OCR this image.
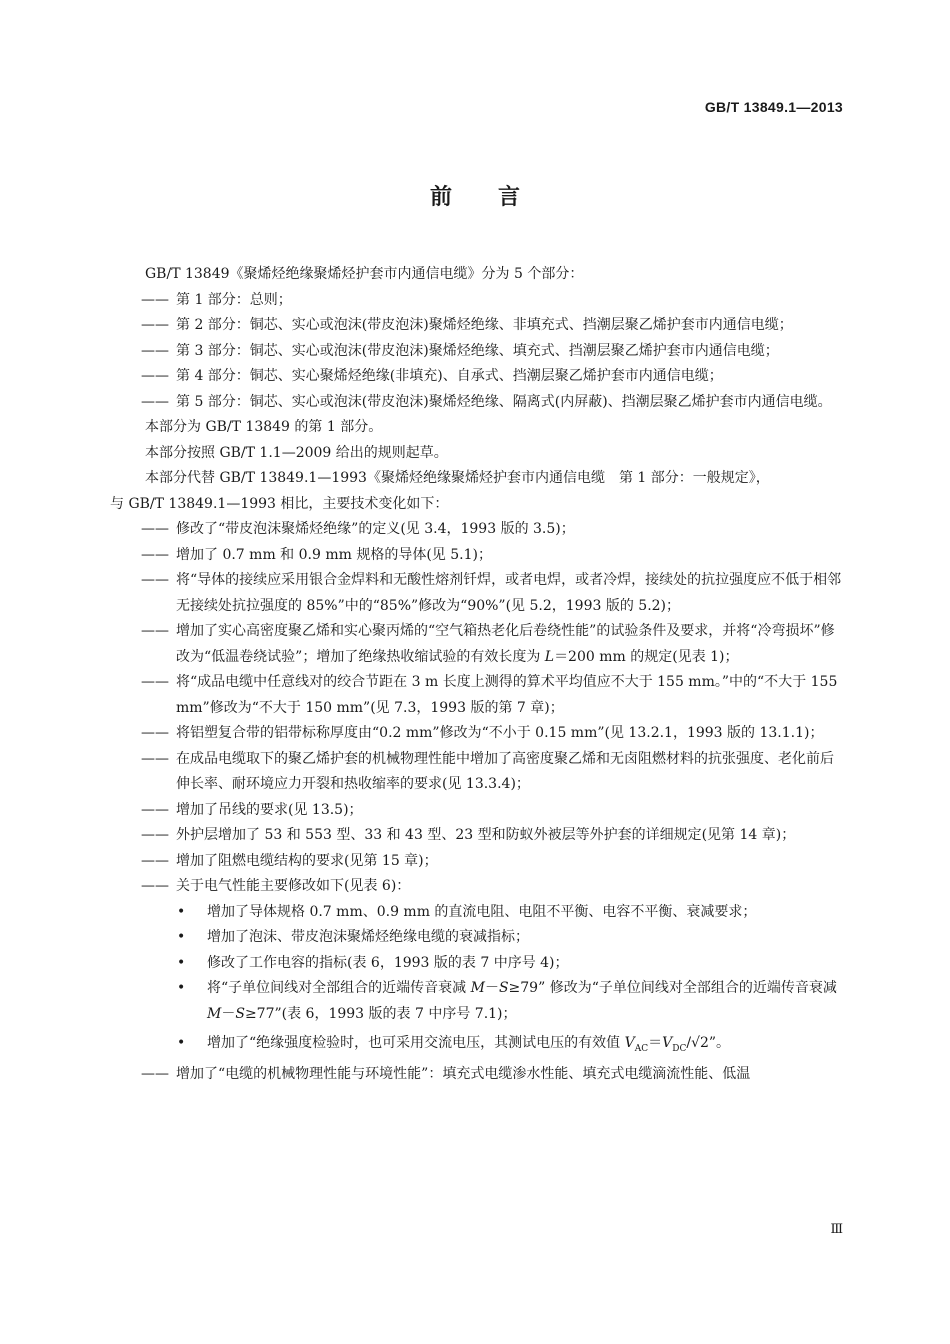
GB/T 13849.1—2013
前言

GB/T 13849《聚烯烃绝缘聚烯烃护套市内通信电缆》分为 5 个部分：

—— 第 1 部分：总则；
—— 第 2 部分：铜芯、实心或泡沫(带皮泡沫)聚烯烃绝缘、非填充式、挡潮层聚乙烯护套市内通信电缆；
—— 第 3 部分：铜芯、实心或泡沫(带皮泡沫)聚烯烃绝缘、填充式、挡潮层聚乙烯护套市内通信电缆；
—— 第 4 部分：铜芯、实心聚烯烃绝缘(非填充)、自承式、挡潮层聚乙烯护套市内通信电缆；
—— 第 5 部分：铜芯、实心或泡沫(带皮泡沫)聚烯烃绝缘、隔离式(内屏蔽)、挡潮层聚乙烯护套市内通信电缆。

本部分为 GB/T 13849 的第 1 部分。

本部分按照 GB/T 1.1—2009 给出的规则起草。

本部分代替 GB/T 13849.1—1993《聚烯烃绝缘聚烯烃护套市内通信电缆　第 1 部分：一般规定》，

与 GB/T 13849.1—1993 相比，主要技术变化如下：

—— 修改了“带皮泡沫聚烯烃绝缘”的定义(见 3.4，1993 版的 3.5)；
—— 增加了 0.7 mm 和 0.9 mm 规格的导体(见 5.1)；
—— 将“导体的接续应采用银合金焊料和无酸性熔剂钎焊，或者电焊，或者冷焊，接续处的抗拉强度应不低于相邻无接续处抗拉强度的 85%”中的“85%”修改为“90%”(见 5.2，1993 版的 5.2)；
—— 增加了实心高密度聚乙烯和实心聚丙烯的“空气箱热老化后卷绕性能”的试验条件及要求，并将“冷弯损坏”修改为“低温卷绕试验”；增加了绝缘热收缩试验的有效长度为 L＝200 mm 的规定(见表 1)；
—— 将“成品电缆中任意线对的绞合节距在 3 m 长度上测得的算术平均值应不大于 155 mm。”中的“不大于 155 mm”修改为“不大于 150 mm”(见 7.3，1993 版的第 7 章)；
—— 将铝塑复合带的铝带标称厚度由“0.2 mm”修改为“不小于 0.15 mm”(见 13.2.1，1993 版的 13.1.1)；
—— 在成品电缆取下的聚乙烯护套的机械物理性能中增加了高密度聚乙烯和无卤阻燃材料的抗张强度、老化前后伸长率、耐环境应力开裂和热收缩率的要求(见 13.3.4)；
—— 增加了吊线的要求(见 13.5)；
—— 外护层增加了 53 和 553 型、33 和 43 型、23 型和防蚁外被层等外护套的详细规定(见第 14 章)；
—— 增加了阻燃电缆结构的要求(见第 15 章)；
—— 关于电气性能主要修改如下(见表 6)：
• 增加了导体规格 0.7 mm、0.9 mm 的直流电阻、电阻不平衡、电容不平衡、衰减要求；
• 增加了泡沫、带皮泡沫聚烯烃绝缘电缆的衰减指标；
• 修改了工作电容的指标(表 6，1993 版的表 7 中序号 4)；
• 将“子单位间线对全部组合的近端传音衰减 M－S≥79” 修改为“子单位间线对全部组合的近端传音衰减 M－S≥77”(表 6，1993 版的表 7 中序号 7.1)；
• 增加了“绝缘强度检验时，也可采用交流电压，其测试电压的有效值 $V_{AC}=V_{DC}/√2$”。
—— 增加了“电缆的机械物理性能与环境性能”：填充式电缆渗水性能、填充式电缆滴流性能、低温
Ⅲ
